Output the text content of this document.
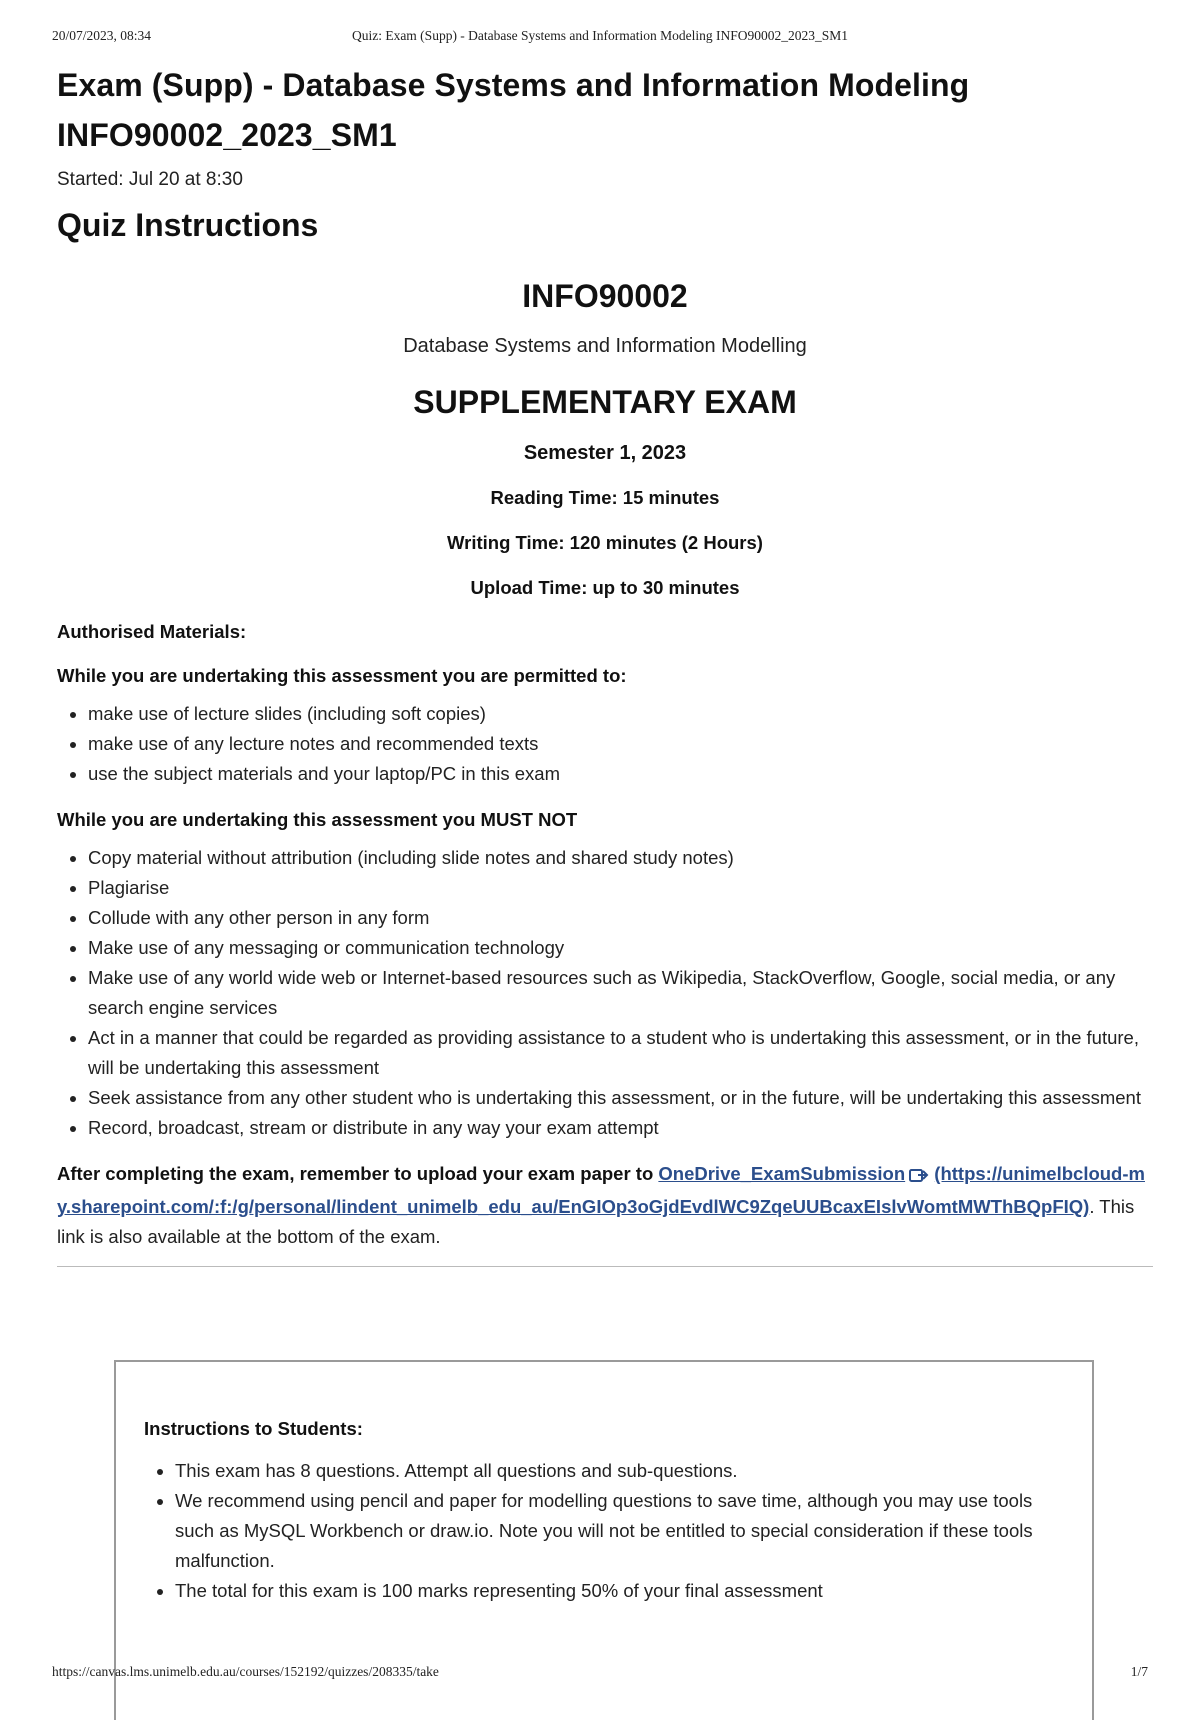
20/07/2023, 08:34	Quiz: Exam (Supp) - Database Systems and Information Modeling INFO90002_2023_SM1
Exam (Supp) - Database Systems and Information Modeling
INFO90002_2023_SM1

Started: Jul 20 at 8:30

Quiz Instructions

INFO90002

Database Systems and Information Modelling

SUPPLEMENTARY EXAM

Semester 1, 2023

Reading Time: 15 minutes

Writing Time: 120 minutes (2 Hours)

Upload Time: up to 30 minutes

Authorised Materials:

While you are undertaking this assessment you are permitted to:

• make use of lecture slides (including soft copies)
• make use of any lecture notes and recommended texts
• use the subject materials and your laptop/PC in this exam

While you are undertaking this assessment you MUST NOT

• Copy material without attribution (including slide notes and shared study notes)
• Plagiarise
• Collude with any other person in any form
• Make use of any messaging or communication technology
• Make use of any world wide web or Internet-based resources such as Wikipedia, StackOverflow, Google, social media, or any search engine services
• Act in a manner that could be regarded as providing assistance to a student who is undertaking this assessment, or in the future, will be undertaking this assessment
• Seek assistance from any other student who is undertaking this assessment, or in the future, will be undertaking this assessment
• Record, broadcast, stream or distribute in any way your exam attempt

After completing the exam, remember to upload your exam paper to OneDrive_ExamSubmission (https://unimelbcloud-my.sharepoint.com/:f:/g/personal/lindent_unimelb_edu_au/EnGIOp3oGjdEvdlWC9ZqeUUBcaxEIslvWomtMWThBQpFIQ). This link is also available at the bottom of the exam.

Instructions to Students:

• This exam has 8 questions. Attempt all questions and sub-questions.
• We recommend using pencil and paper for modelling questions to save time, although you may use tools such as MySQL Workbench or draw.io. Note you will not be entitled to special consideration if these tools malfunction.
• The total for this exam is 100 marks representing 50% of your final assessment
https://canvas.lms.unimelb.edu.au/courses/152192/quizzes/208335/take	1/7
